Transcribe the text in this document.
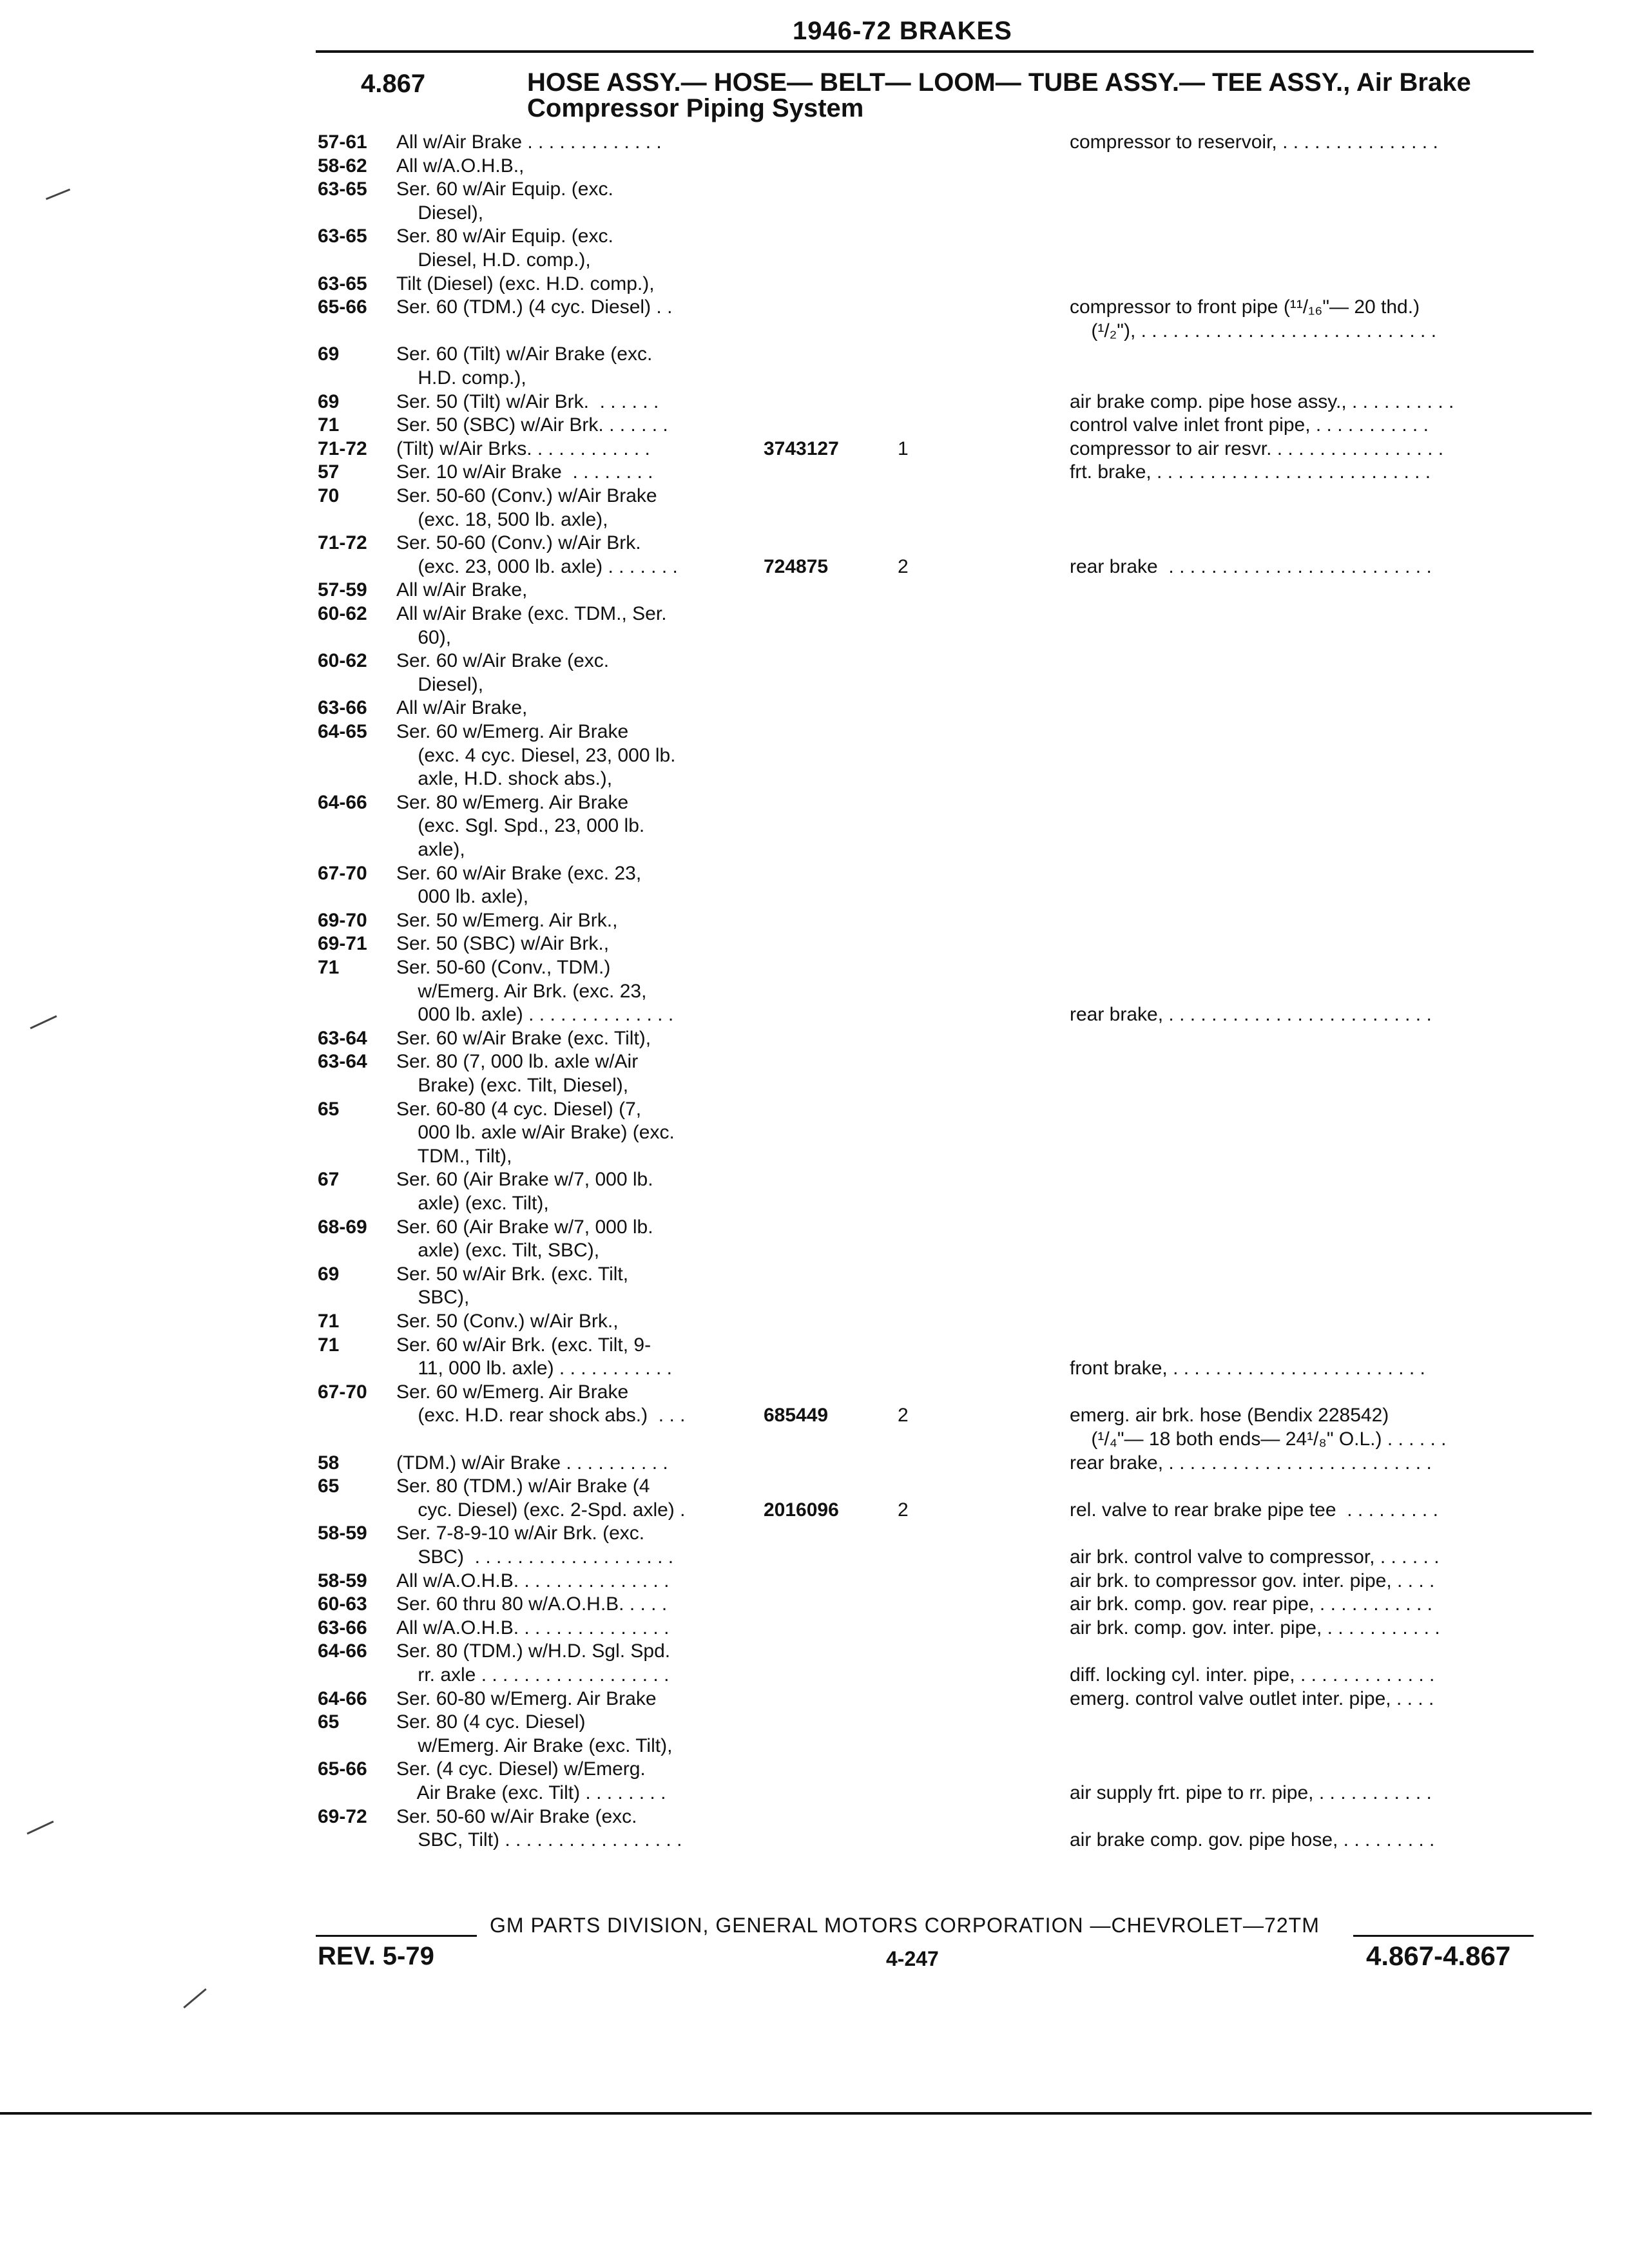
1946-72 BRAKES
4.867	HOSE ASSY.— HOSE— BELT— LOOM— TUBE ASSY.— TEE ASSY., Air Brake Compressor Piping System
57-61 All w/Air Brake . . . . . . . . . . . . .	compressor to reservoir, . . . . . . . . . . . . . . .
58-62 All w/A.O.H.B.,
63-65 Ser. 60 w/Air Equip. (exc.
Diesel),
63-65 Ser. 80 w/Air Equip. (exc.
Diesel, H.D. comp.),
63-65 Tilt (Diesel) (exc. H.D. comp.),
65-66 Ser. 60 (TDM.) (4 cyc. Diesel) . .	compressor to front pipe (¹¹/₁₆"— 20 thd.)
(¹/₂"), . . . . . . . . . . . . . . . . . . . . . . . . . . . .
69	Ser. 60 (Tilt) w/Air Brake (exc.
H.D. comp.),
69	Ser. 50 (Tilt) w/Air Brk.  . . . . . .	air brake comp. pipe hose assy., . . . . . . . . . .
71	Ser. 50 (SBC) w/Air Brk. . . . . . .	control valve inlet front pipe, . . . . . . . . . . .
71-72 (Tilt) w/Air Brks. . . . . . . . . . . .	3743127	1	compressor to air resvr. . . . . . . . . . . . . . . . .
57	Ser. 10 w/Air Brake  . . . . . . . .	frt. brake, . . . . . . . . . . . . . . . . . . . . . . . . . .
70	Ser. 50-60 (Conv.) w/Air Brake
(exc. 18, 500 lb. axle),
71-72 Ser. 50-60 (Conv.) w/Air Brk.
(exc. 23, 000 lb. axle) . . . . . . .	724875	2	rear brake  . . . . . . . . . . . . . . . . . . . . . . . . .
57-59 All w/Air Brake,
60-62 All w/Air Brake (exc. TDM., Ser.
60),
60-62 Ser. 60 w/Air Brake (exc.
Diesel),
63-66 All w/Air Brake,
64-65 Ser. 60 w/Emerg. Air Brake
(exc. 4 cyc. Diesel, 23, 000 lb.
axle, H.D. shock abs.),
64-66 Ser. 80 w/Emerg. Air Brake
(exc. Sgl. Spd., 23, 000 lb.
axle),
67-70 Ser. 60 w/Air Brake (exc. 23,
000 lb. axle),
69-70 Ser. 50 w/Emerg. Air Brk.,
69-71 Ser. 50 (SBC) w/Air Brk.,
71	Ser. 50-60 (Conv., TDM.)
w/Emerg. Air Brk. (exc. 23,
000 lb. axle) . . . . . . . . . . . . . .	rear brake, . . . . . . . . . . . . . . . . . . . . . . . . .
63-64 Ser. 60 w/Air Brake (exc. Tilt),
63-64 Ser. 80 (7, 000 lb. axle w/Air
Brake) (exc. Tilt, Diesel),
65	Ser. 60-80 (4 cyc. Diesel) (7,
000 lb. axle w/Air Brake) (exc.
TDM., Tilt),
67	Ser. 60 (Air Brake w/7, 000 lb.
axle) (exc. Tilt),
68-69 Ser. 60 (Air Brake w/7, 000 lb.
axle) (exc. Tilt, SBC),
69	Ser. 50 w/Air Brk. (exc. Tilt,
SBC),
71	Ser. 50 (Conv.) w/Air Brk.,
71	Ser. 60 w/Air Brk. (exc. Tilt, 9-
11, 000 lb. axle) . . . . . . . . . . .	front brake, . . . . . . . . . . . . . . . . . . . . . . . .
67-70 Ser. 60 w/Emerg. Air Brake
(exc. H.D. rear shock abs.)  . . .	685449	2	emerg. air brk. hose (Bendix 228542)
(¹/₄"— 18 both ends— 24¹/₈" O.L.) . . . . . .
58	(TDM.) w/Air Brake . . . . . . . . . .	rear brake, . . . . . . . . . . . . . . . . . . . . . . . . .
65	Ser. 80 (TDM.) w/Air Brake (4
cyc. Diesel) (exc. 2-Spd. axle) .	2016096	2	rel. valve to rear brake pipe tee  . . . . . . . . .
58-59 Ser. 7-8-9-10 w/Air Brk. (exc.
SBC)  . . . . . . . . . . . . . . . . . . .	air brk. control valve to compressor, . . . . . .
58-59 All w/A.O.H.B. . . . . . . . . . . . . . .	air brk. to compressor gov. inter. pipe, . . . .
60-63 Ser. 60 thru 80 w/A.O.H.B. . . . .	air brk. comp. gov. rear pipe, . . . . . . . . . . .
63-66 All w/A.O.H.B. . . . . . . . . . . . . . .	air brk. comp. gov. inter. pipe, . . . . . . . . . . .
64-66 Ser. 80 (TDM.) w/H.D. Sgl. Spd.
rr. axle . . . . . . . . . . . . . . . . . .	diff. locking cyl. inter. pipe, . . . . . . . . . . . . .
64-66 Ser. 60-80 w/Emerg. Air Brake	emerg. control valve outlet inter. pipe, . . . .
65	Ser. 80 (4 cyc. Diesel)
w/Emerg. Air Brake (exc. Tilt),
65-66 Ser. (4 cyc. Diesel) w/Emerg.
Air Brake (exc. Tilt) . . . . . . . .	air supply frt. pipe to rr. pipe, . . . . . . . . . . .
69-72 Ser. 50-60 w/Air Brake (exc.
SBC, Tilt) . . . . . . . . . . . . . . . . .	air brake comp. gov. pipe hose, . . . . . . . . .
GM PARTS DIVISION, GENERAL MOTORS CORPORATION —CHEVROLET—72TM
REV. 5-79	4-247	4.867-4.867
